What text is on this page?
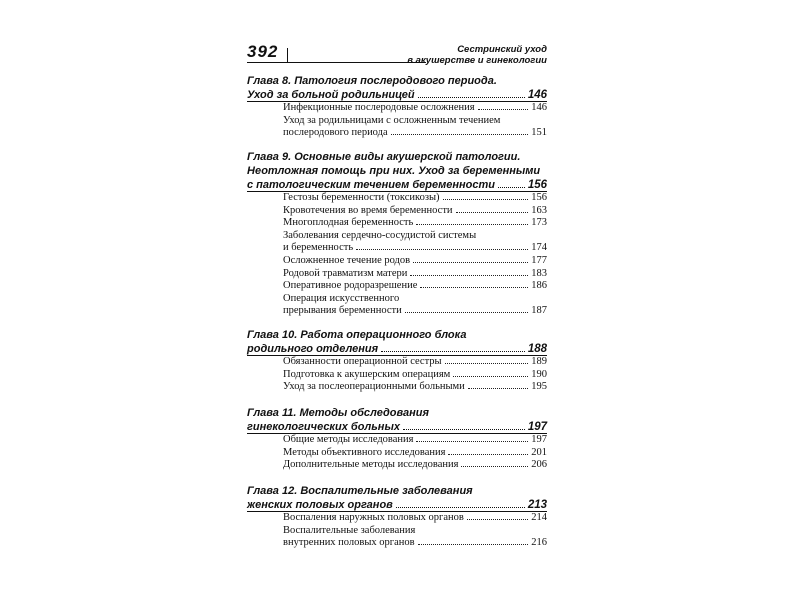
392	Сестринский уход
в акушерстве и гинекологии
Глава 8. Патология послеродового периода.
Уход за больной родильницей	146
Инфекционные послеродовые осложнения	146
Уход за родильницами с осложненным течением
послеродового периода	151
Глава 9. Основные виды акушерской патологии.
Неотложная помощь при них. Уход за беременными
с патологическим течением беременности	156
Гестозы беременности (токсикозы)	156
Кровотечения во время беременности	163
Многоплодная беременность	173
Заболевания сердечно-сосудистой системы
и беременность	174
Осложненное течение родов	177
Родовой травматизм матери	183
Оперативное родоразрешение	186
Операция искусственного
прерывания беременности	187
Глава 10. Работа операционного блока
родильного отделения	188
Обязанности операционной сестры	189
Подготовка к акушерским операциям	190
Уход за послеоперационными больными	195
Глава 11. Методы обследования
гинекологических больных	197
Общие методы исследования	197
Методы объективного исследования	201
Дополнительные методы исследования	206
Глава 12. Воспалительные заболевания
женских половых органов	213
Воспаления наружных половых органов	214
Воспалительные заболевания
внутренних половых органов	216
